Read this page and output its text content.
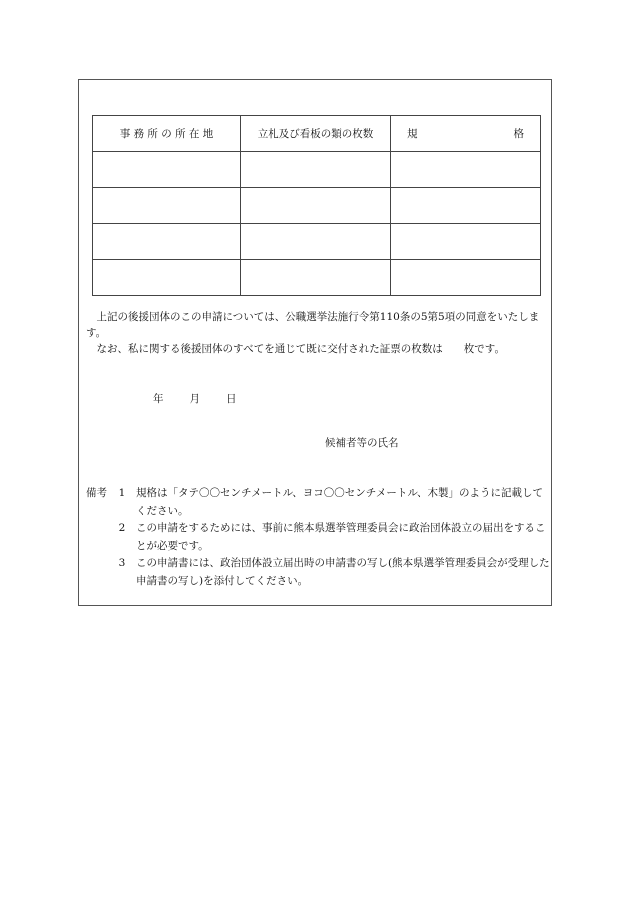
事 務 所 の 所 在 地	立札及び看板の類の枚数	規 格

　上記の後援団体のこの申請については、公職選挙法施行令第110条の5第5項の同意をいたします。

　なお、私に関する後援団体のすべてを通じて既に交付された証票の枚数は　　枚です。

年 月 日
候補者等の氏名
備考	1	規格は「タテ〇〇センチメートル、ヨコ〇〇センチメートル、木製」のように記載してください。
2	この申請をするためには、事前に熊本県選挙管理委員会に政治団体設立の届出をすることが必要です。
3	この申請書には、政治団体設立届出時の申請書の写し(熊本県選挙管理委員会が受理した申請書の写し)を添付してください。
